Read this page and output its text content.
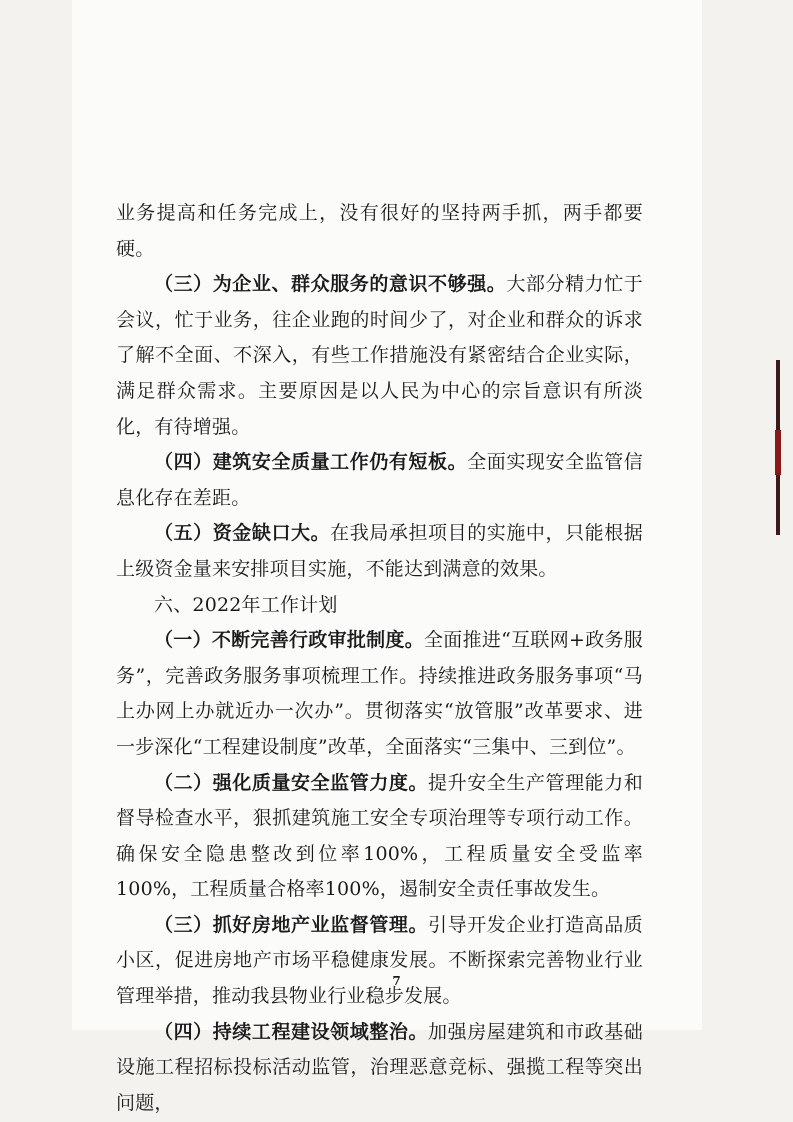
业务提高和任务完成上，没有很好的坚持两手抓，两手都要硬。

（三）为企业、群众服务的意识不够强。大部分精力忙于会议，忙于业务，往企业跑的时间少了，对企业和群众的诉求了解不全面、不深入，有些工作措施没有紧密结合企业实际，满足群众需求。主要原因是以人民为中心的宗旨意识有所淡化，有待增强。

（四）建筑安全质量工作仍有短板。全面实现安全监管信息化存在差距。

（五）资金缺口大。在我局承担项目的实施中，只能根据上级资金量来安排项目实施，不能达到满意的效果。

六、2022年工作计划

（一）不断完善行政审批制度。全面推进“互联网+政务服务”，完善政务服务事项梳理工作。持续推进政务服务事项“马上办网上办就近办一次办”。贯彻落实“放管服”改革要求、进一步深化“工程建设制度”改革，全面落实“三集中、三到位”。

（二）强化质量安全监管力度。提升安全生产管理能力和督导检查水平，狠抓建筑施工安全专项治理等专项行动工作。确保安全隐患整改到位率100%，工程质量安全受监率100%，工程质量合格率100%，遏制安全责任事故发生。

（三）抓好房地产业监督管理。引导开发企业打造高品质小区，促进房地产市场平稳健康发展。不断探索完善物业行业管理举措，推动我县物业行业稳步发展。

（四）持续工程建设领域整治。加强房屋建筑和市政基础设施工程招标投标活动监管，治理恶意竞标、强揽工程等突出问题，

7
